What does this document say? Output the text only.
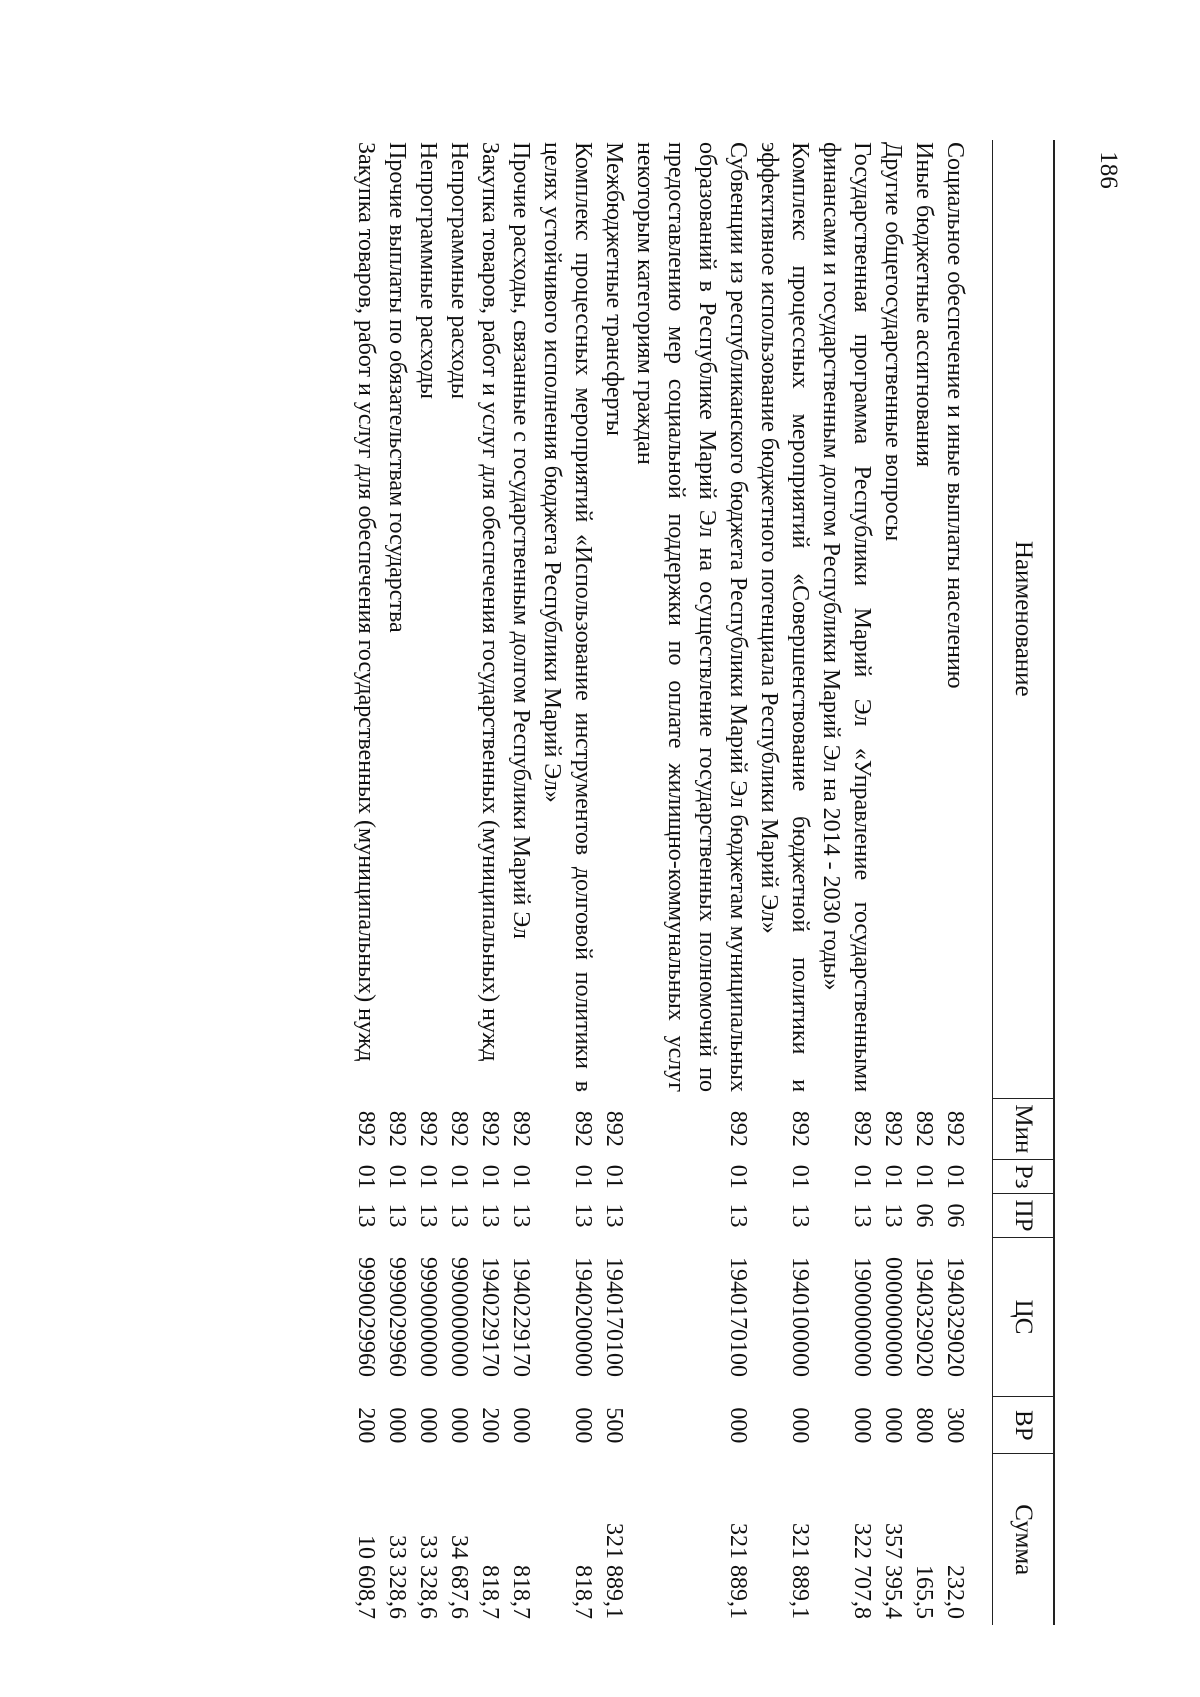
186
Наименование	Мин	Рз	ПР	ЦС	ВР	Сумма
Социальное обеспечение и иные выплаты населению	892	01	06	1940329020	300	232,0
Иные бюджетные ассигнования	892	01	06	1940329020	800	165,5
Другие общегосударственные вопросы	892	01	13	0000000000	000	357 395,4
Государственная программа Республики Марий Эл «Управление государственными финансами и государственным долгом Республики Марий Эл на 2014 - 2030 годы»	892	01	13	1900000000	000	322 707,8
Комплекс процессных мероприятий «Совершенствование бюджетной политики и эффективное использование бюджетного потенциала Республики Марий Эл»	892	01	13	1940100000	000	321 889,1
Субвенции из республиканского бюджета Республики Марий Эл бюджетам муниципальных образований в Республике Марий Эл на осуществление государственных полномочий по предоставлению мер социальной поддержки по оплате жилищно-коммунальных услуг некоторым категориям граждан	892	01	13	1940170100	000	321 889,1
Межбюджетные трансферты	892	01	13	1940170100	500	321 889,1
Комплекс процессных мероприятий «Использование инструментов долговой политики в целях устойчивого исполнения бюджета Республики Марий Эл»	892	01	13	1940200000	000	818,7
Прочие расходы, связанные с государственным долгом Республики Марий Эл	892	01	13	1940229170	000	818,7
Закупка товаров, работ и услуг для обеспечения государственных (муниципальных) нужд	892	01	13	1940229170	200	818,7
Непрограммные расходы	892	01	13	9900000000	000	34 687,6
Непрограммные расходы	892	01	13	9990000000	000	33 328,6
Прочие выплаты по обязательствам государства	892	01	13	9990029960	000	33 328,6
Закупка товаров, работ и услуг для обеспечения государственных (муниципальных) нужд	892	01	13	9990029960	200	10 608,7
